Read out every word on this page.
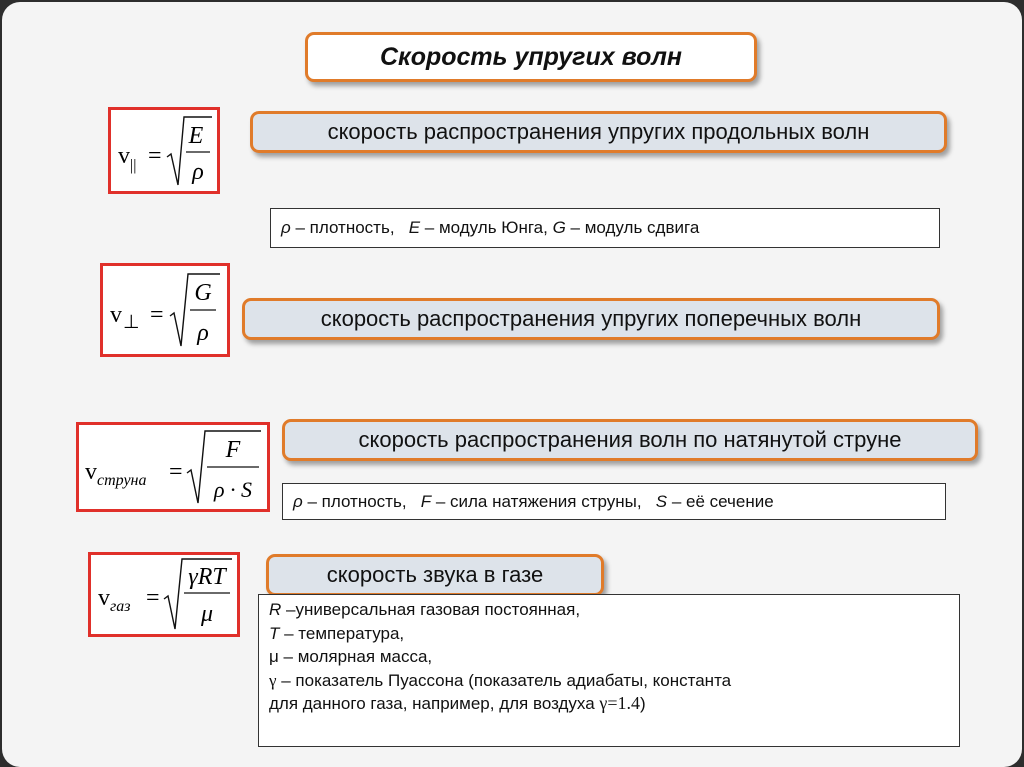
Скорость упругих волн
v || =
E
ρ
скорость распространения упругих продольных волн
ρ – плотность, E – модуль Юнга, G – модуль сдвига
v ⊥ =
G
ρ
скорость распространения упругих поперечных волн
v струна =
F
ρ · S
скорость распространения волн по натянутой струне
ρ – плотность, F – сила натяжения струны, S – её сечение
v газ =
γRT
μ
скорость звука в газе
R –универсальная газовая постоянная,
T – температура,
μ – молярная масса,
γ – показатель Пуассона (показатель адиабаты, константа
для данного газа, например, для воздуха γ=1.4)
